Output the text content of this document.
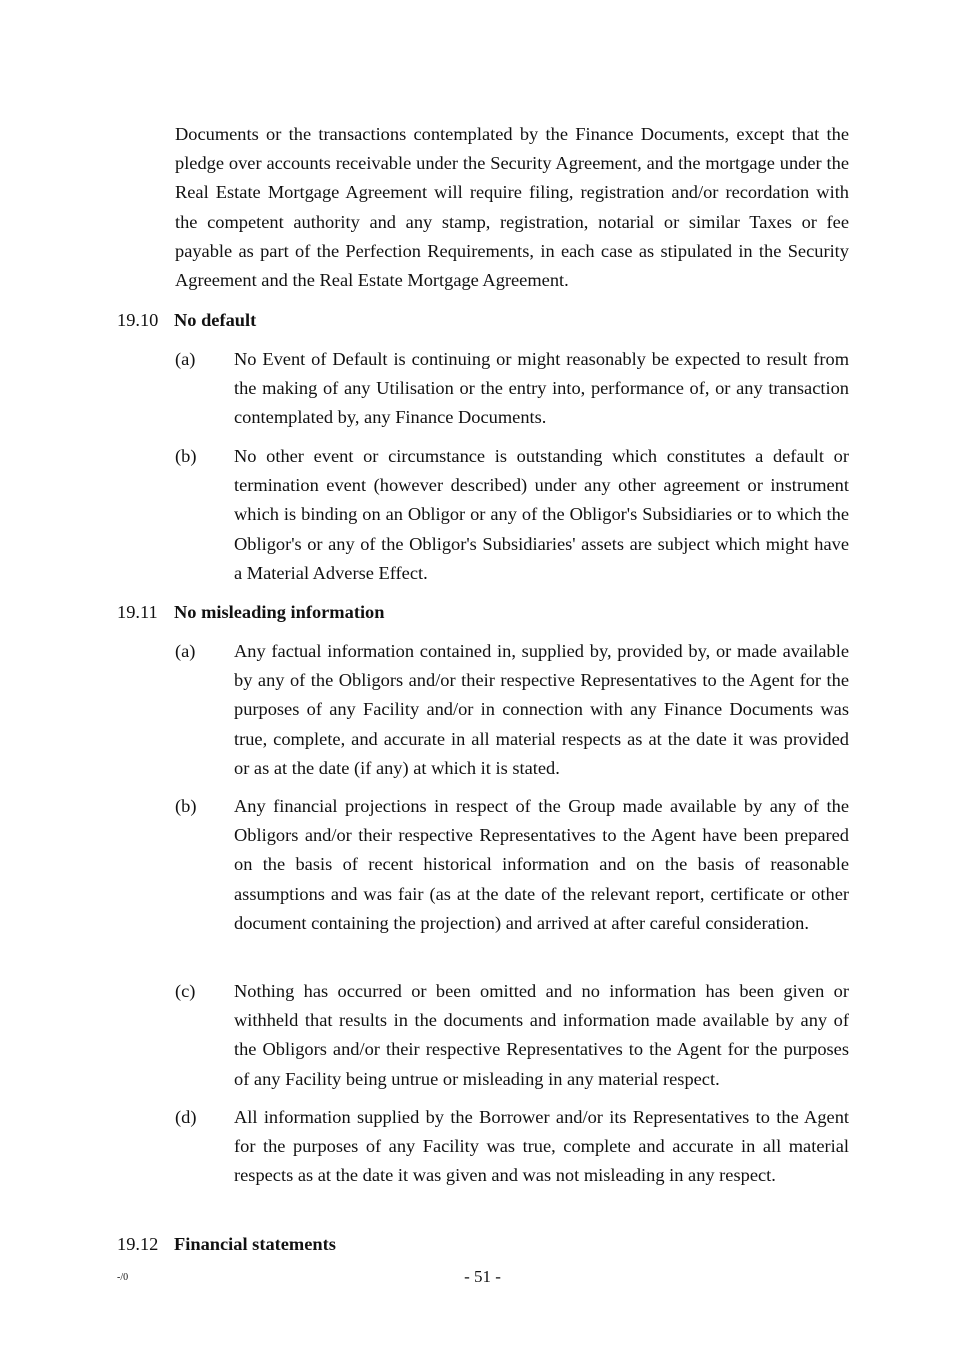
Documents or the transactions contemplated by the Finance Documents, except that the pledge over accounts receivable under the Security Agreement, and the mortgage under the Real Estate Mortgage Agreement will require filing, registration and/or recordation with the competent authority and any stamp, registration, notarial or similar Taxes or fee payable as part of the Perfection Requirements, in each case as stipulated in the Security Agreement and the Real Estate Mortgage Agreement.

19.10 No default
(a) No Event of Default is continuing or might reasonably be expected to result from the making of any Utilisation or the entry into, performance of, or any transaction contemplated by, any Finance Documents.

(b) No other event or circumstance is outstanding which constitutes a default or termination event (however described) under any other agreement or instrument which is binding on an Obligor or any of the Obligor's Subsidiaries or to which the Obligor's or any of the Obligor's Subsidiaries' assets are subject which might have a Material Adverse Effect.

19.11 No misleading information
(a) Any factual information contained in, supplied by, provided by, or made available by any of the Obligors and/or their respective Representatives to the Agent for the purposes of any Facility and/or in connection with any Finance Documents was true, complete, and accurate in all material respects as at the date it was provided or as at the date (if any) at which it is stated.

(b) Any financial projections in respect of the Group made available by any of the Obligors and/or their respective Representatives to the Agent have been prepared on the basis of recent historical information and on the basis of reasonable assumptions and was fair (as at the date of the relevant report, certificate or other document containing the projection) and arrived at after careful consideration.

(c) Nothing has occurred or been omitted and no information has been given or withheld that results in the documents and information made available by any of the Obligors and/or their respective Representatives to the Agent for the purposes of any Facility being untrue or misleading in any material respect.

(d) All information supplied by the Borrower and/or its Representatives to the Agent for the purposes of any Facility was true, complete and accurate in all material respects as at the date it was given and was not misleading in any respect.

19.12 Financial statements
-/0	- 51 -
